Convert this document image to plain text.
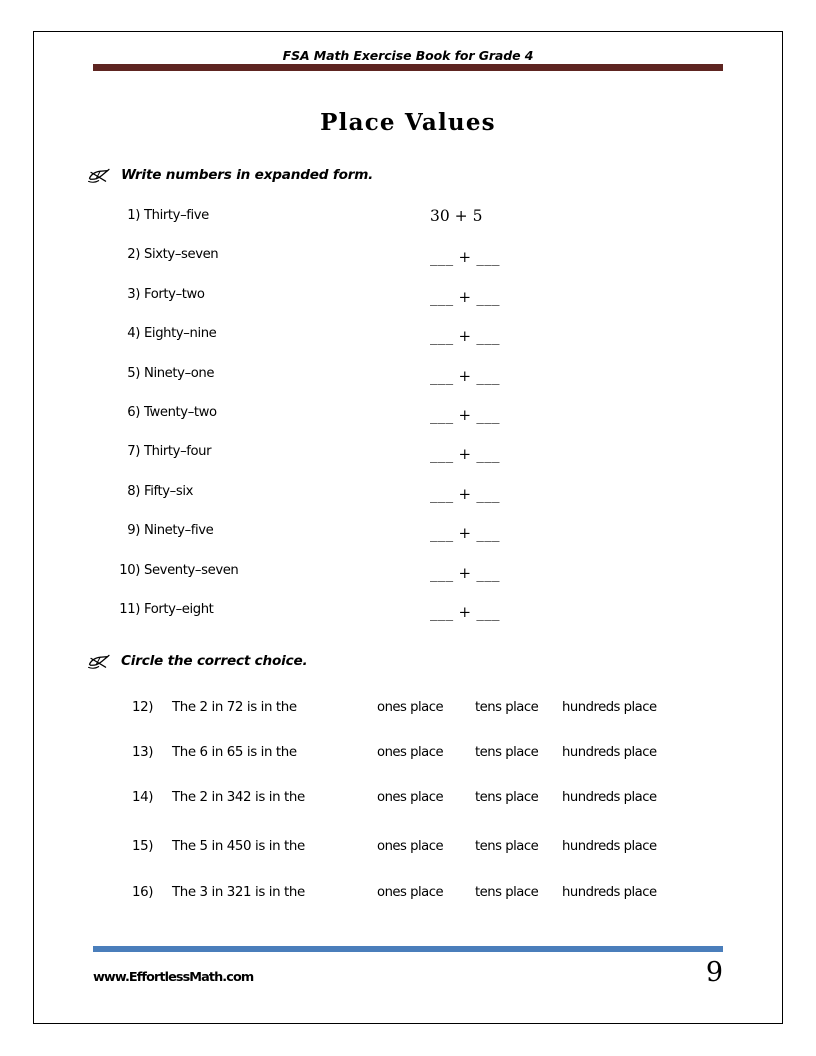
FSA Math Exercise Book for Grade 4
Place Values
Write numbers in expanded form.
1) Thirty–five	30 + 5
2) Sixty–seven	___ + ___
3) Forty–two	___ + ___
4) Eighty–nine	___ + ___
5) Ninety–one	___ + ___
6) Twenty–two	___ + ___
7) Thirty–four	___ + ___
8) Fifty–six	___ + ___
9) Ninety–five	___ + ___
10) Seventy–seven	___ + ___
11) Forty–eight	___ + ___
Circle the correct choice.
12)	The 2 in 72 is in the	ones place tens place hundreds place
13)	The 6 in 65 is in the	ones place tens place hundreds place
14)	The 2 in 342 is in the	ones place tens place hundreds place
15)	The 5 in 450 is in the	ones place tens place hundreds place
16)	The 3 in 321 is in the	ones place tens place hundreds place
www.EffortlessMath.com	9
